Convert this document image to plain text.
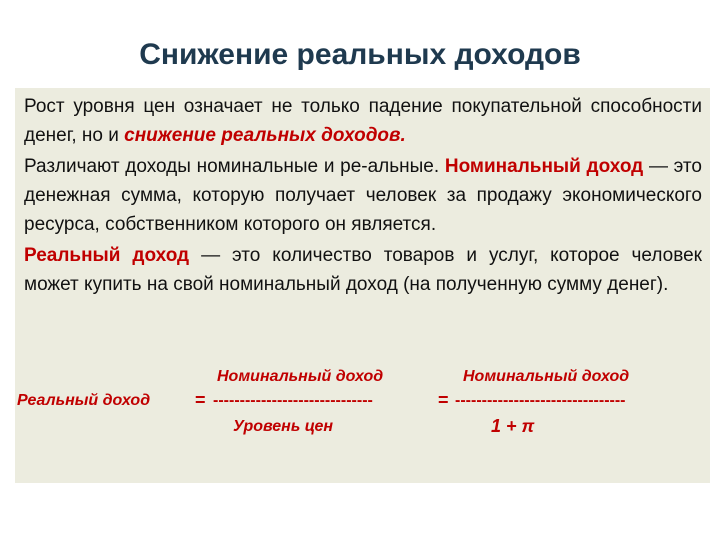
Снижение реальных доходов

Рост уровня цен означает не только падение покупательной способности денег, но и снижение реальных доходов.

Различают доходы номинальные и ре-альные. Номинальный доход — это денежная сумма, которую получает человек за продажу экономического ресурса, собственником которого он является.

Реальный доход — это количество товаров и услуг, которое человек может купить на свой номинальный доход (на полученную сумму денег).

Номинальный доход	Номинальный доход
Реальный доход = ------------------------------	= --------------------------------
Уровень цен	1 + π
